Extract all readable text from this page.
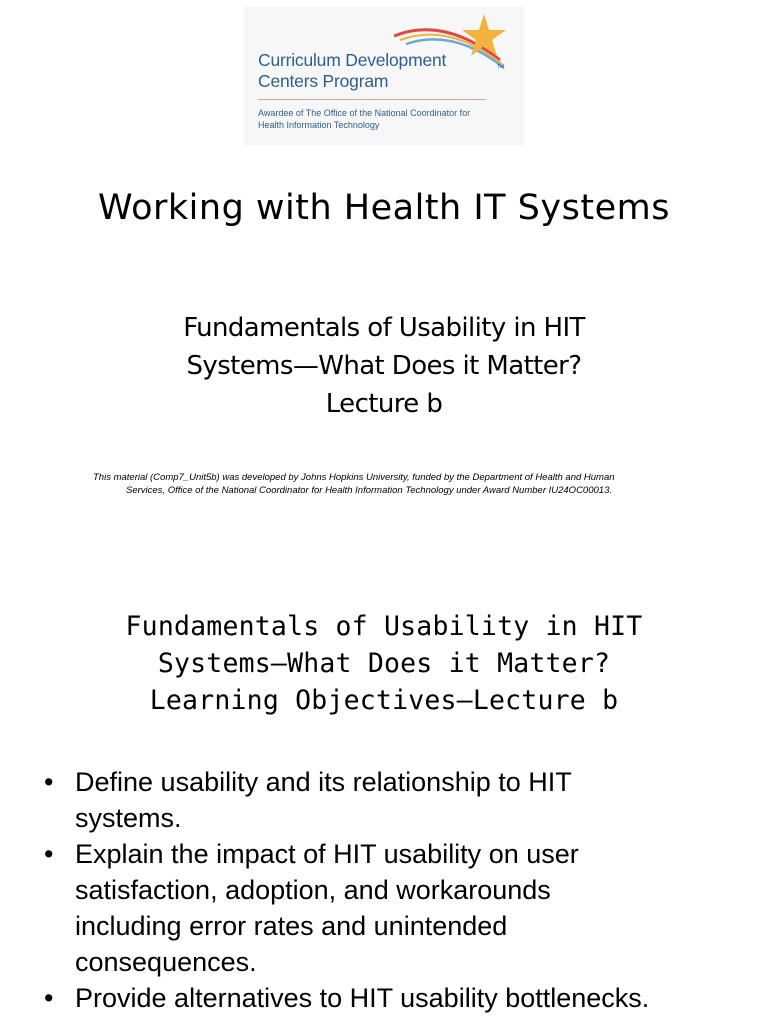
Curriculum Development
Centers Program
TM
Awardee of The Office of the National Coordinator for
Health Information Technology
Working with Health IT Systems
Fundamentals of Usability in HIT
Systems—What Does it Matter?
Lecture b
This material (Comp7_Unit5b) was developed by Johns Hopkins University, funded by the Department of Health and Human
Services, Office of the National Coordinator for Health Information Technology under Award Number IU24OC00013.
Fundamentals of Usability in HIT
Systems—What Does it Matter?
Learning Objectives—Lecture b
• Define usability and its relationship to HIT
systems.
• Explain the impact of HIT usability on user
satisfaction, adoption, and workarounds
including error rates and unintended
consequences.
• Provide alternatives to HIT usability bottlenecks.
